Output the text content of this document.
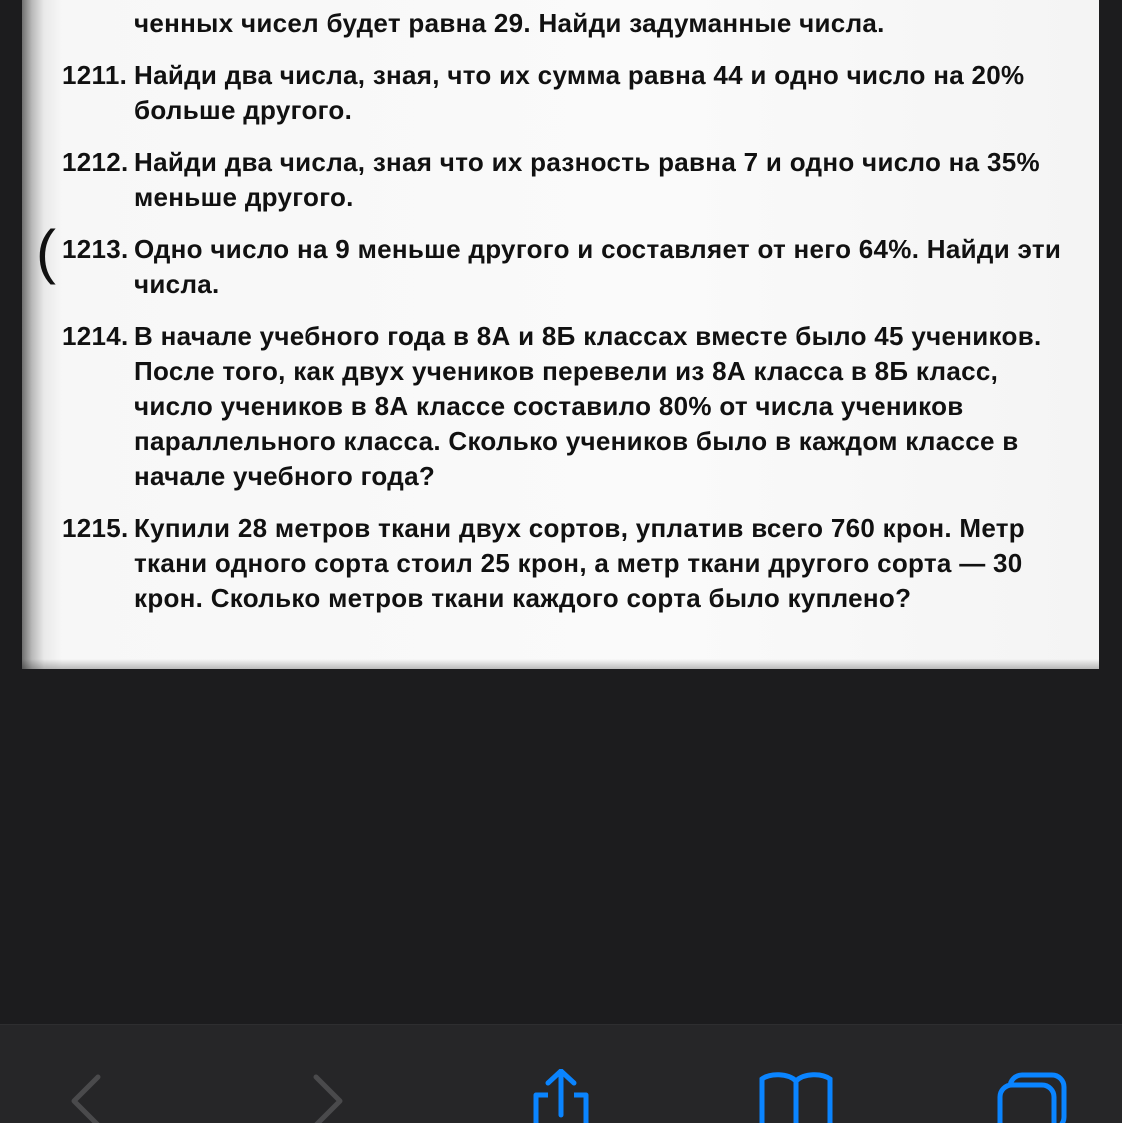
ченных чисел будет равна 29. Найди задуманные числа.
1211 . Найди два числа, зная, что их сумма равна 44 и одно число на 20% больше другого.
1212 . Найди два числа, зная что их разность равна 7 и одно число на 35% меньше другого.
1213 . Одно число на 9 меньше другого и составляет от него 64%. Найди эти числа.
1214 . В начале учебного года в 8А и 8Б классах вместе было 45 учеников. После того, как двух учеников перевели из 8А класса в 8Б класс, число учеников в 8А классе составило 80% от числа учеников параллельного класса. Сколько учеников было в каждом классе в начале учебного года?
1215 . Купили 28 метров ткани двух сортов, уплатив всего 760 крон. Метр ткани одного сорта стоил 25 крон, а метр ткани другого сорта — 30 крон. Сколько метров ткани каждого сорта было куплено?
(
